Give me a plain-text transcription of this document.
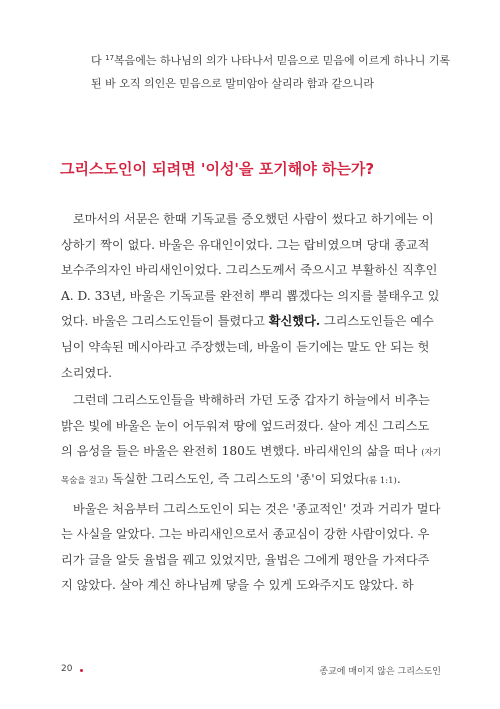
다 $^{17}$복음에는 하나님의 의가 나타나서 믿음으로 믿음에 이르게 하나니 기록
된 바 오직 의인은 믿음으로 말미암아 살리라 함과 같으니라
그리스도인이 되려면 '이성'을 포기해야 하는가?

로마서의 서문은 한때 기독교를 증오했던 사람이 썼다고 하기에는 이상하기 짝이 없다. 바울은 유대인이었다. 그는 랍비였으며 당대 종교적 보수주의자인 바리새인이었다. 그리스도께서 죽으시고 부활하신 직후인 A. D. 33년, 바울은 기독교를 완전히 뿌리 뽑겠다는 의지를 불태우고 있었다. 바울은 그리스도인들이 틀렸다고 확신했다. 그리스도인들은 예수님이 약속된 메시아라고 주장했는데, 바울이 듣기에는 말도 안 되는 헛소리였다.

그런데 그리스도인들을 박해하러 가던 도중 갑자기 하늘에서 비추는 밝은 빛에 바울은 눈이 어두워져 땅에 엎드러졌다. 살아 계신 그리스도의 음성을 들은 바울은 완전히 180도 변했다. 바리새인의 삶을 떠나 (자기 목숨을 걸고) 독실한 그리스도인, 즉 그리스도의 '종'이 되었다(롬 1:1).

바울은 처음부터 그리스도인이 되는 것은 '종교적인' 것과 거리가 멀다는 사실을 알았다. 그는 바리새인으로서 종교심이 강한 사람이었다. 우리가 글을 알듯 율법을 꿰고 있었지만, 율법은 그에게 평안을 가져다주지 않았다. 살아 계신 하나님께 닿을 수 있게 도와주지도 않았다. 하

20	종교에 매이지 않은 그리스도인
